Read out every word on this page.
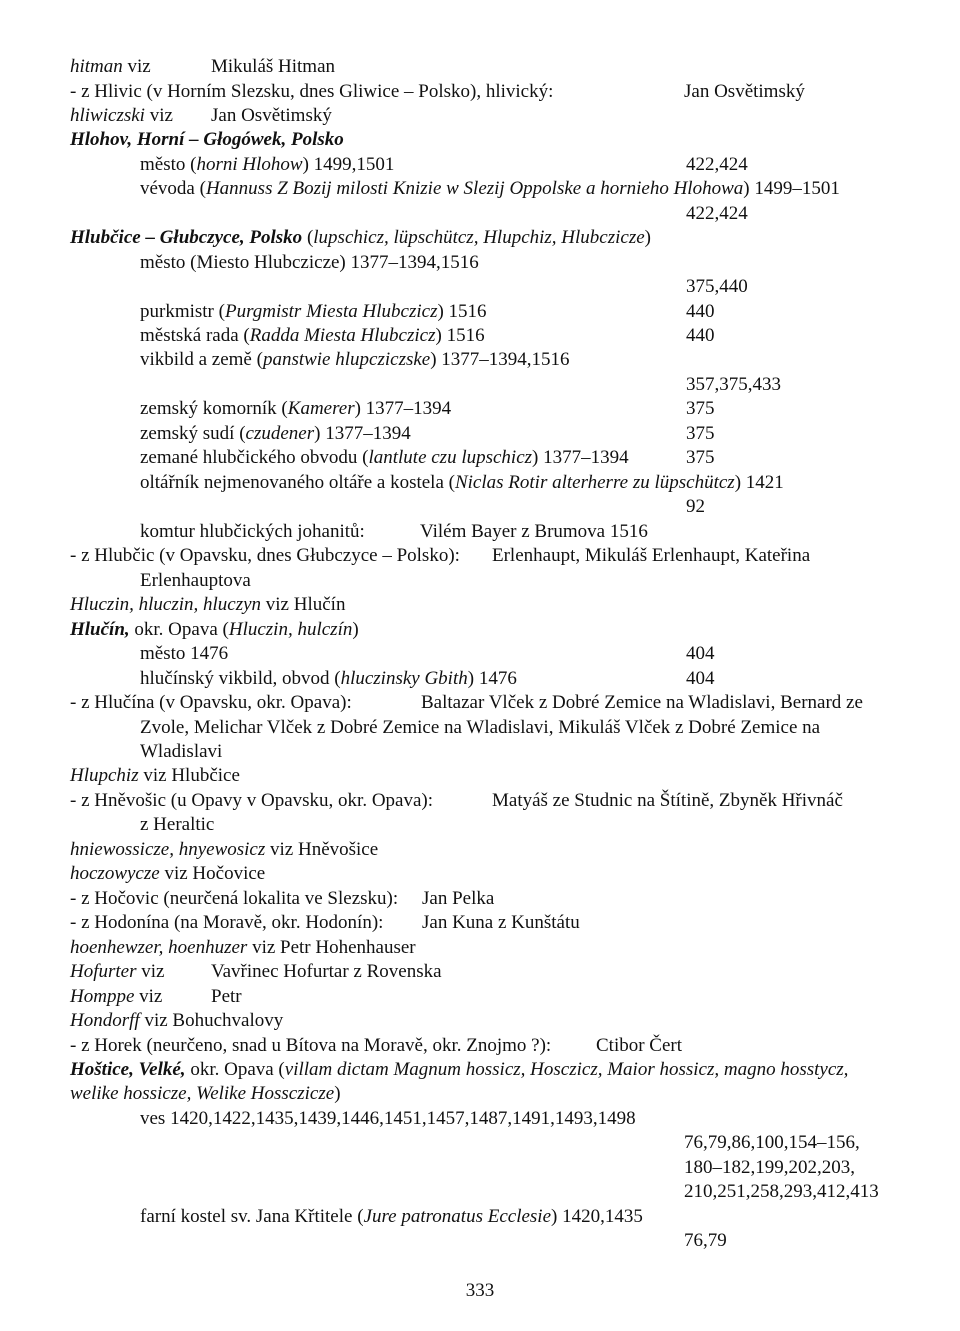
hitman viz	Mikuláš Hitman
- z Hlivic (v Horním Slezsku, dnes Gliwice – Polsko), hlivický:	Jan Osvětimský
hliwiczski viz Jan Osvětimský
Hlohov, Horní – Głogówek, Polsko
město (horni Hlohow) 1499,1501	422,424
vévoda (Hannuss Z Bozij milosti Knizie w Slezij Oppolske a hornieho Hlohowa) 1499–1501
422,424
Hlubčice – Głubczyce, Polsko (lupschicz, lüpschütcz, Hlupchiz, Hlubczicze)
město (Miesto Hlubczicze) 1377–1394,1516
375,440
purkmistr (Purgmistr Miesta Hlubczicz) 1516	440
městská rada (Radda Miesta Hlubczicz) 1516	440
vikbild a země (panstwie hlupcziczske) 1377–1394,1516
357,375,433
zemský komorník (Kamerer) 1377–1394	375
zemský sudí (czudener) 1377–1394	375
zemané hlubčického obvodu (lantlute czu lupschicz) 1377–1394	375
oltářník nejmenovaného oltáře a kostela (Niclas Rotir alterherre zu lüpschütcz) 1421
92
komtur hlubčických johanitů:	Vilém Bayer z Brumova 1516
- z Hlubčic (v Opavsku, dnes Głubczyce – Polsko): Erlenhaupt, Mikuláš Erlenhaupt, Kateřina
Erlenhauptova
Hluczin, hluczin, hluczyn viz Hlučín
Hlučín, okr. Opava (Hluczin, hulczín)
město 1476	404
hlučínský vikbild, obvod (hluczinsky Gbith) 1476	404
- z Hlučína (v Opavsku, okr. Opava):	Baltazar Vlček z Dobré Zemice na Wladislavi, Bernard ze
Zvole, Melichar Vlček z Dobré Zemice na Wladislavi, Mikuláš Vlček z Dobré Zemice na
Wladislavi
Hlupchiz viz Hlubčice
- z Hněvošic (u Opavy v Opavsku, okr. Opava):	Matyáš ze Studnic na Štítině, Zbyněk Hřivnáč
z Heraltic
hniewossicze, hnyewosicz viz Hněvošice
hoczowycze viz Hočovice
- z Hočovic (neurčená lokalita ve Slezsku): Jan Pelka
- z Hodonína (na Moravě, okr. Hodonín): Jan Kuna z Kunštátu
hoenhewzer, hoenhuzer viz Petr Hohenhauser
Hofurter viz Vavřinec Hofurtar z Rovenska
Homppe viz	Petr
Hondorff viz Bohuchvalovy
- z Horek (neurčeno, snad u Bítova na Moravě, okr. Znojmo ?): Ctibor Čert
Hoštice, Velké, okr. Opava (villam dictam Magnum hossicz, Hosczicz, Maior hossicz, magno hosstycz,
welike hossicze, Welike Hossczicze)
ves 1420,1422,1435,1439,1446,1451,1457,1487,1491,1493,1498
76,79,86,100,154–156,
180–182,199,202,203,
210,251,258,293,412,413
farní kostel sv. Jana Křtitele (Jure patronatus Ecclesie) 1420,1435
76,79
333
